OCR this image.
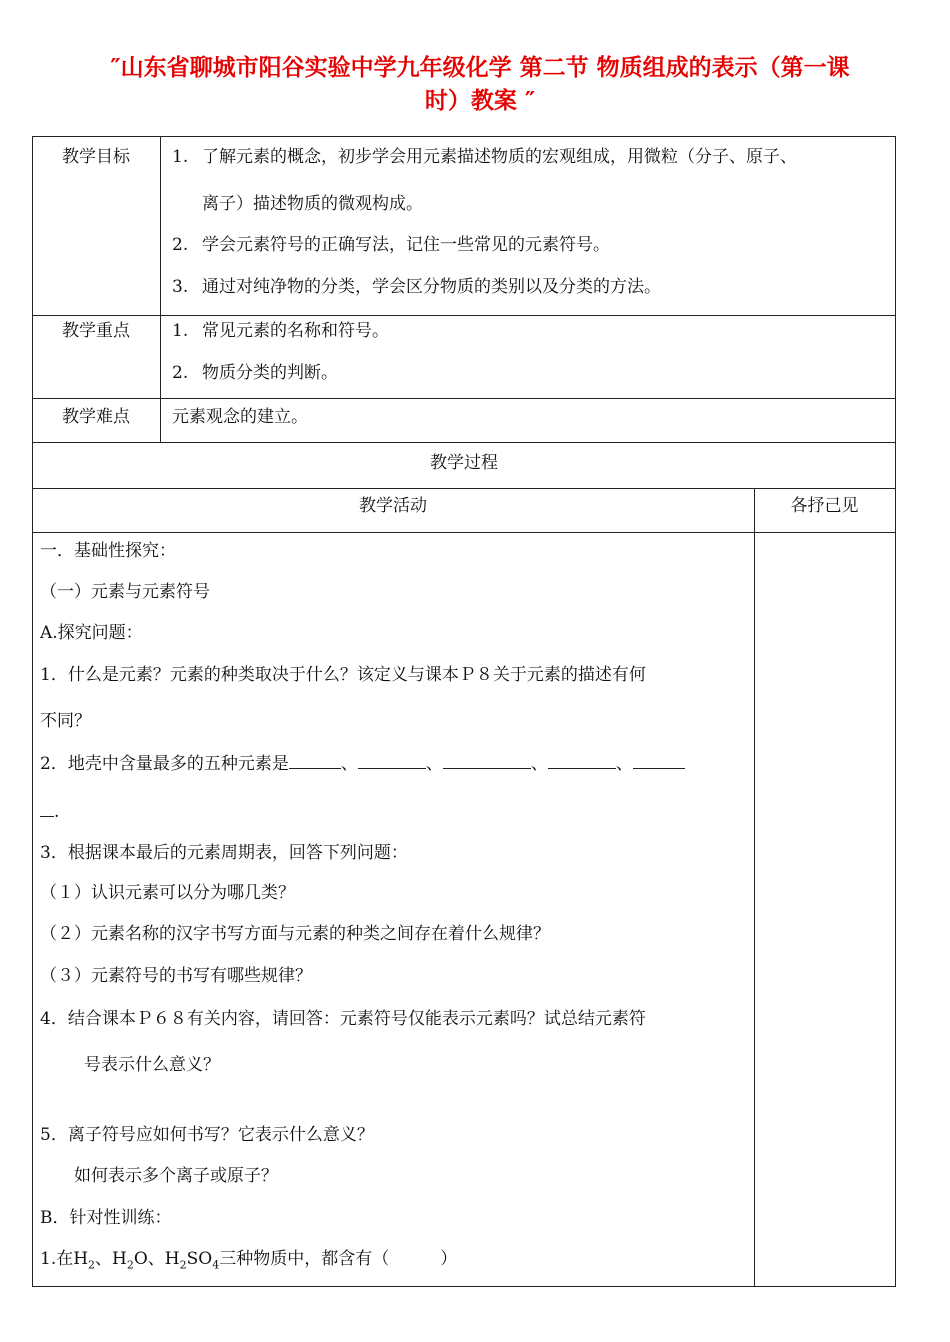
″山东省聊城市阳谷实验中学九年级化学 第二节 物质组成的表示（第一课
时）教案 ″
教学目标	1. 了解元素的概念，初步学会用元素描述物质的宏观组成，用微粒（分子、原子、
离子）描述物质的微观构成。
2. 学会元素符号的正确写法，记住一些常见的元素符号。
3. 通过对纯净物的分类，学会区分物质的类别以及分类的方法。
教学重点	1. 常见元素的名称和符号。
2. 物质分类的判断。
教学难点	元素观念的建立。
教学过程
教学活动	各抒己见
一．基础性探究：
（一）元素与元素符号
A.探究问题：
1．什么是元素？元素的种类取决于什么？该定义与课本Ｐ８关于元素的描述有何
不同？
2．地壳中含量最多的五种元素是	、	、	、	、
.
3．根据课本最后的元素周期表，回答下列问题：
（１）认识元素可以分为哪几类？
（２）元素名称的汉字书写方面与元素的种类之间存在着什么规律？
（３）元素符号的书写有哪些规律？
4．结合课本Ｐ６８有关内容，请回答：元素符号仅能表示元素吗？试总结元素符
号表示什么意义？
5．离子符号应如何书写？它表示什么意义？
如何表示多个离子或原子？
B．针对性训练：
1.在$H_2$、$H_2O$、$H_2SO_4$三种物质中，都含有（　　　）
